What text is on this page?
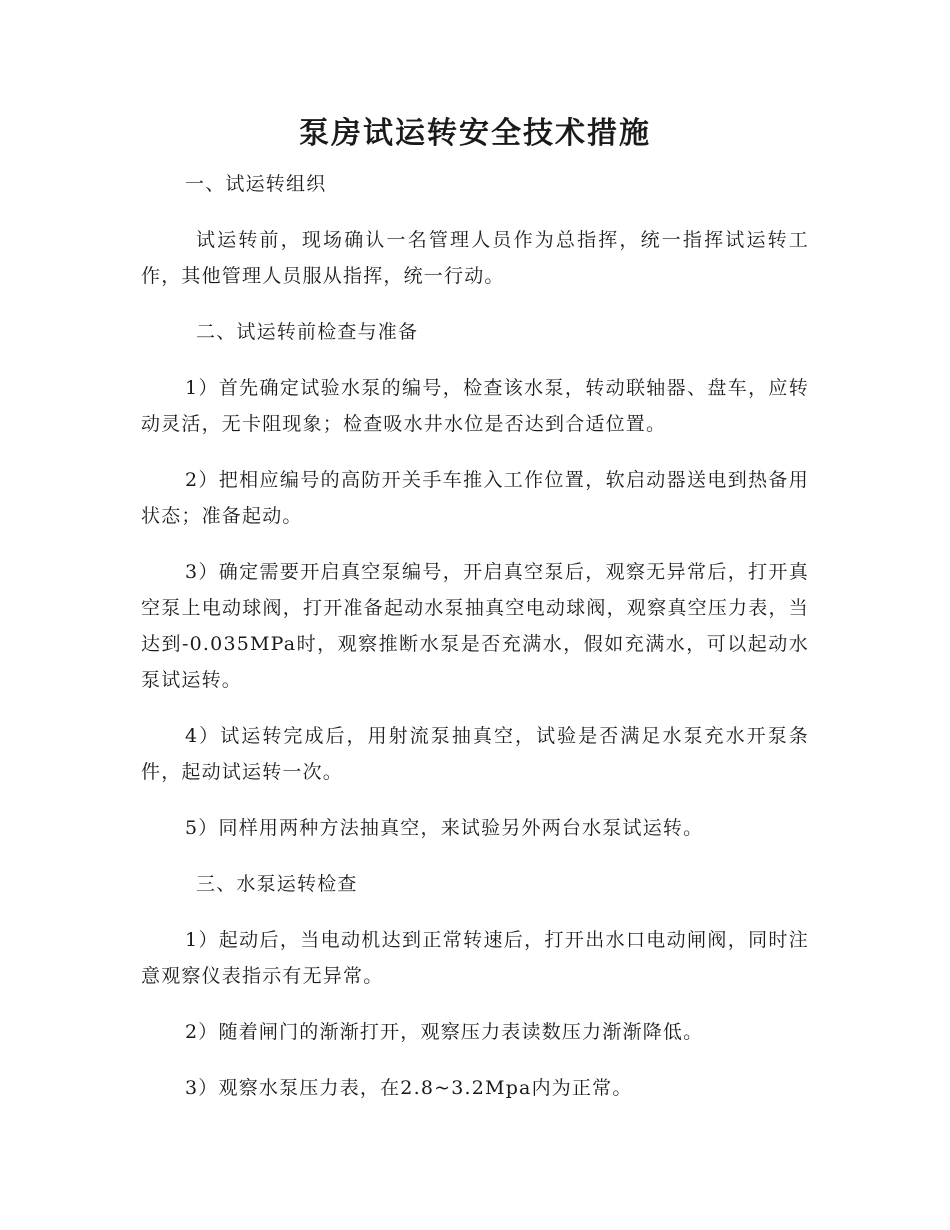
泵房试运转安全技术措施

一、试运转组织

试运转前，现场确认一名管理人员作为总指挥，统一指挥试运转工作，其他管理人员服从指挥，统一行动。

二、试运转前检查与准备

1）首先确定试验水泵的编号，检查该水泵，转动联轴器、盘车，应转动灵活，无卡阻现象；检查吸水井水位是否达到合适位置。

2）把相应编号的高防开关手车推入工作位置，软启动器送电到热备用状态；准备起动。

3）确定需要开启真空泵编号，开启真空泵后，观察无异常后，打开真空泵上电动球阀，打开准备起动水泵抽真空电动球阀，观察真空压力表，当达到-0.035MPa时，观察推断水泵是否充满水，假如充满水，可以起动水泵试运转。

4）试运转完成后，用射流泵抽真空，试验是否满足水泵充水开泵条件，起动试运转一次。

5）同样用两种方法抽真空，来试验另外两台水泵试运转。

三、水泵运转检查

1）起动后，当电动机达到正常转速后，打开出水口电动闸阀，同时注意观察仪表指示有无异常。

2）随着闸门的渐渐打开，观察压力表读数压力渐渐降低。

3）观察水泵压力表，在2.8~3.2Mpa内为正常。
